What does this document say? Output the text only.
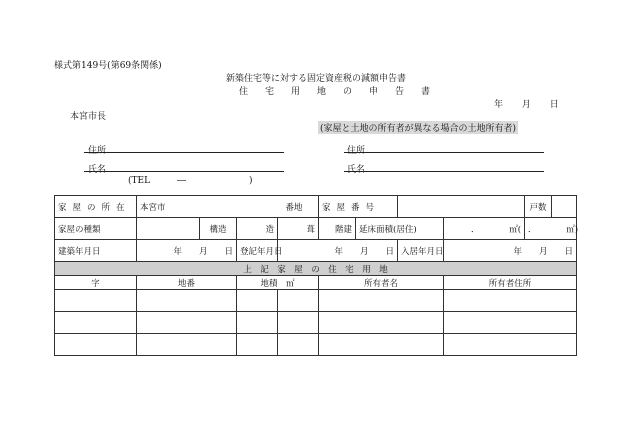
様式第149号(第69条関係)
新築住宅等に対する固定資産税の減額申告書
住　宅　用　地　の　申　告　書
年 月 日
本宮市長
(家屋と土地の所有者が異なる場合の土地所有者)
住所
氏名
(TEL　　　―　　　　　　　)
住所
氏名
家屋の所在	本宮市 番地				家屋番号				戸数	
家屋の種類		構造	造	葺	階建	延床面積(居住)		．　　　　㎡(	．　　　　㎡)	
建築年月日	年　　 月　　 日		登記年月日	年　　 月　　 日			入居年月日	年　　 月　　 日		
上　記　家　屋　の　住　宅　用　地										
字	地番		地積　㎡		所有者名			所有者住所		
